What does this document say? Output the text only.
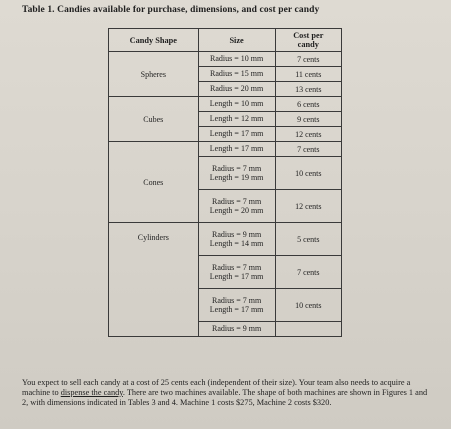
Table 1. Candies available for purchase, dimensions, and cost per candy
Candy Shape	Size	Cost per
candy
Spheres	Radius = 10 mm	7 cents
	Radius = 15 mm	11 cents
	Radius = 20 mm	13 cents
Cubes	Length = 10 mm	6 cents
	Length = 12 mm	9 cents
	Length = 17 mm	12 cents
Cones	Length = 17 mm	7 cents

	Radius = 7 mm
Length = 19 mm	10 cents

	Radius = 7 mm
Length = 20 mm	12 cents
Cylinders	Radius = 9 mm
Length = 14 mm	5 cents

	Radius = 7 mm
Length = 17 mm	7 cents

	Radius = 7 mm
Length = 17 mm	10 cents
	Radius = 9 mm	
You expect to sell each candy at a cost of 25 cents each (independent of their size). Your team also needs to acquire a machine to dispense the candy. There are two machines available. The shape of both machines are shown in Figures 1 and 2, with dimensions indicated in Tables 3 and 4. Machine 1 costs $275, Machine 2 costs $320.
